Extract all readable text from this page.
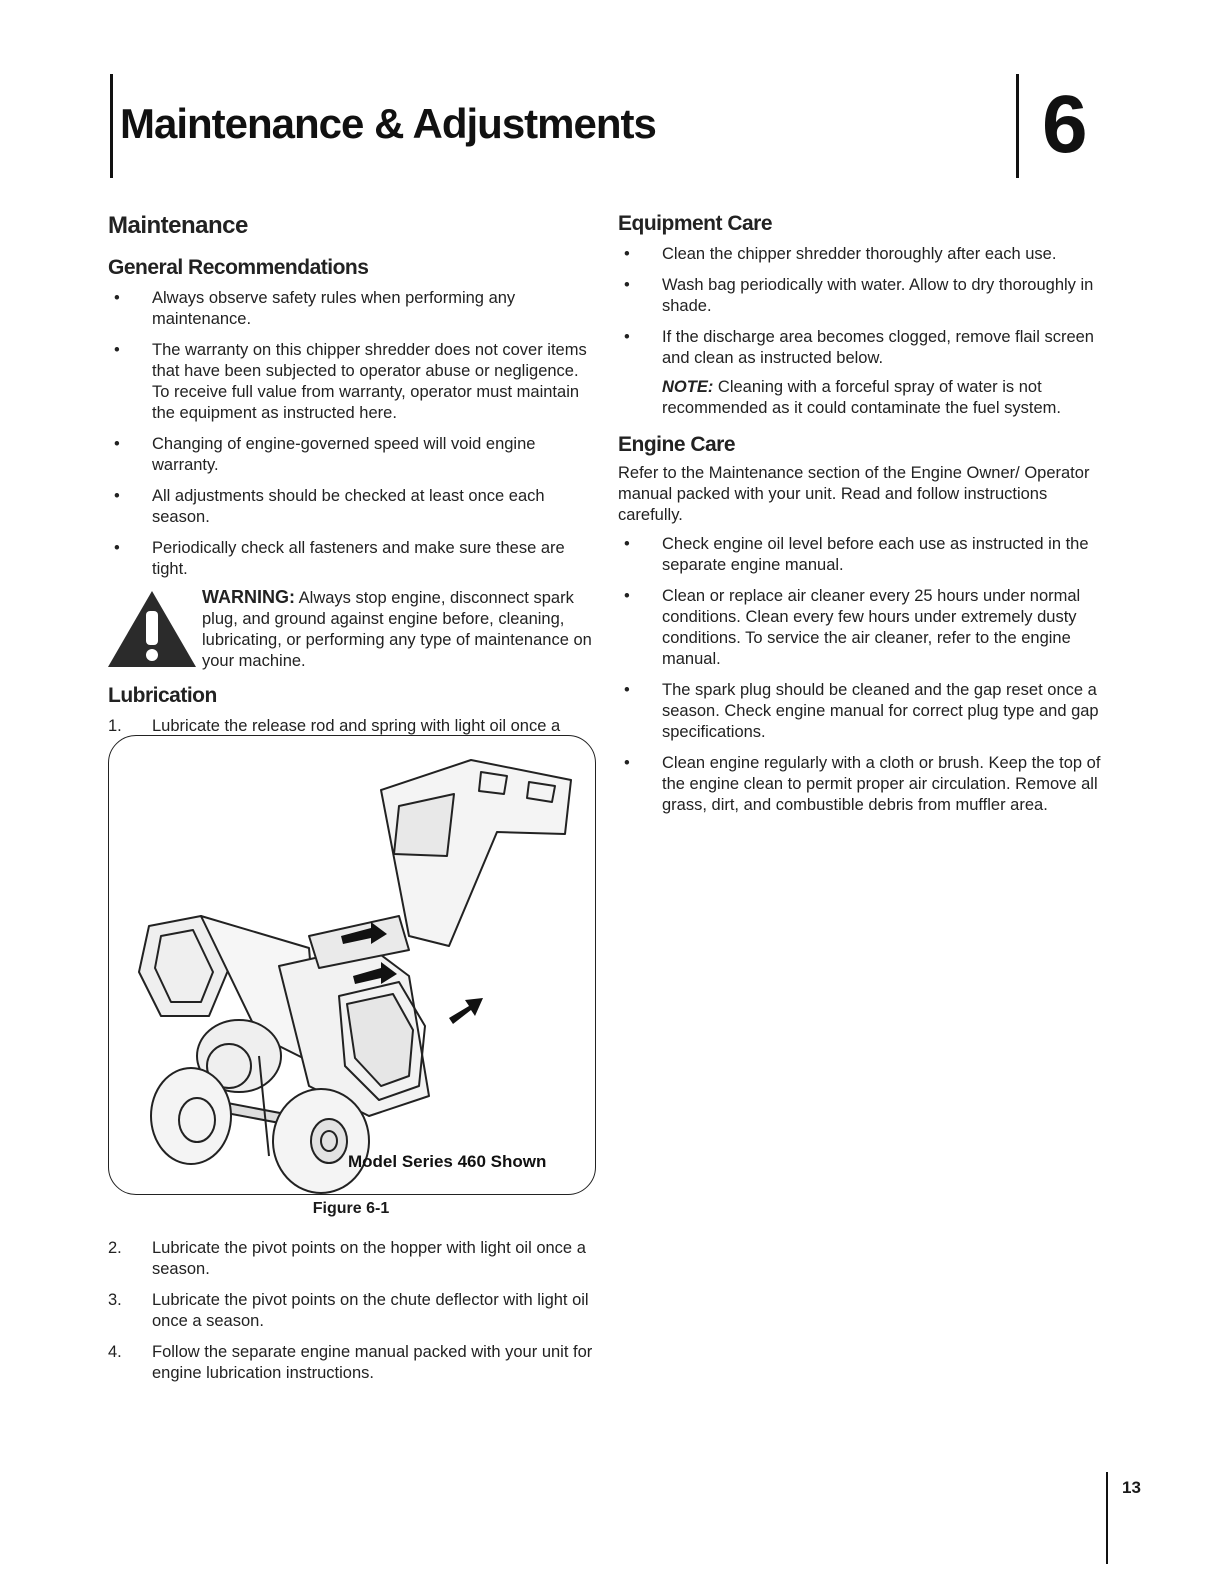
Maintenance & Adjustments	6
Maintenance
General Recommendations
• Always observe safety rules when performing any maintenance.
• The warranty on this chipper shredder does not cover items that have been subjected to operator abuse or negligence. To receive full value from warranty, operator must maintain the equipment as instructed here.
• Changing of engine-governed speed will void engine warranty.
• All adjustments should be checked at least once each season.
• Periodically check all fasteners and make sure these are tight.
WARNING: Always stop engine, disconnect spark plug, and ground against engine before, cleaning, lubricating, or performing any type of maintenance on your machine.
Lubrication
1. Lubricate the release rod and spring with light oil once a
Model Series 460 Shown
Figure 6-1
2. Lubricate the pivot points on the hopper with light oil once a season.
3. Lubricate the pivot points on the chute deflector with light oil once a season.
4. Follow the separate engine manual packed with your unit for engine lubrication instructions.
Equipment Care
• Clean the chipper shredder thoroughly after each use.
• Wash bag periodically with water. Allow to dry thoroughly in shade.
• If the discharge area becomes clogged, remove flail screen and clean as instructed below.
NOTE: Cleaning with a forceful spray of water is not recommended as it could contaminate the fuel system.
Engine Care

Refer to the Maintenance section of the Engine Owner/ Operator manual packed with your unit. Read and follow instructions carefully.

• Check engine oil level before each use as instructed in the separate engine manual.
• Clean or replace air cleaner every 25 hours under normal conditions. Clean every few hours under extremely dusty conditions. To service the air cleaner, refer to the engine manual.
• The spark plug should be cleaned and the gap reset once a season. Check engine manual for correct plug type and gap specifications.
• Clean engine regularly with a cloth or brush. Keep the top of the engine clean to permit proper air circulation. Remove all grass, dirt, and combustible debris from muffler area.
13
